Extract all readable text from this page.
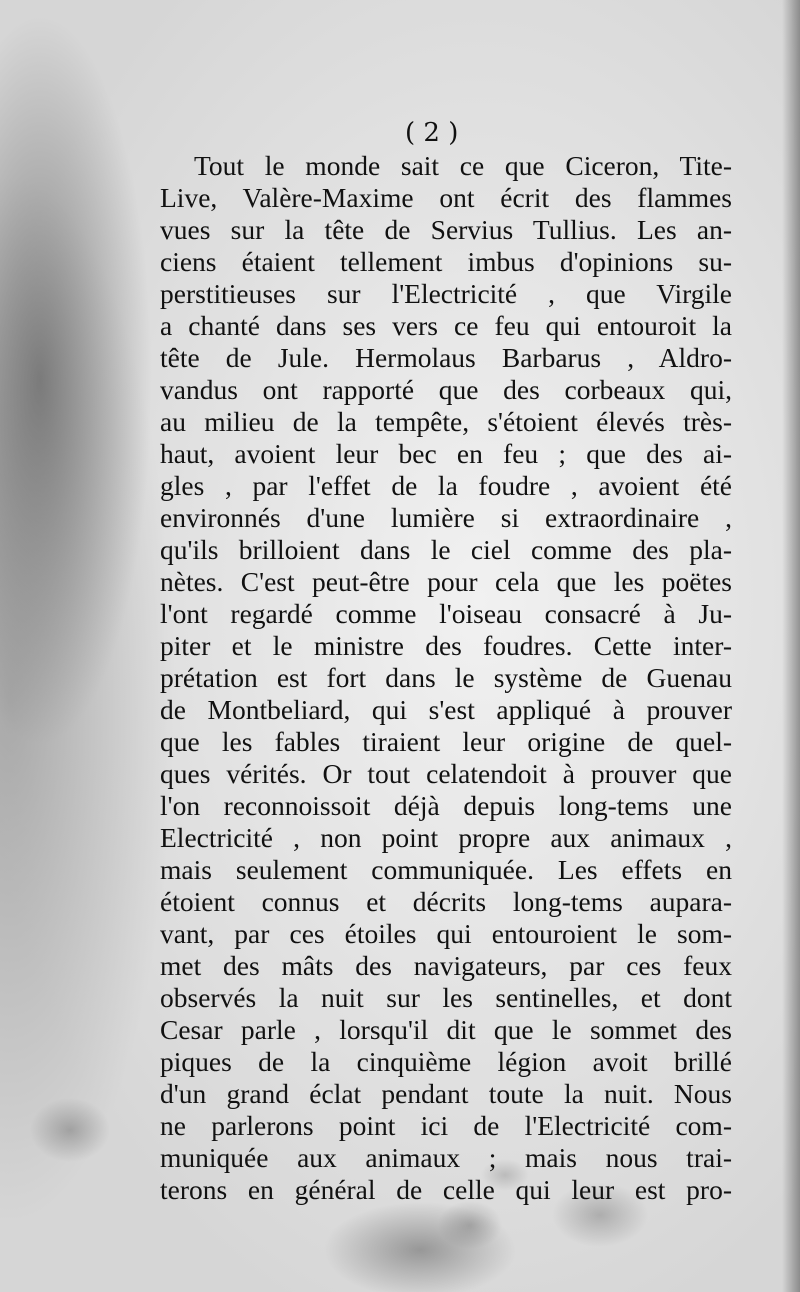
( 2 )

Tout le monde sait ce que Ciceron, Tite-
Live, Valère-Maxime ont écrit des flammes
vues sur la tête de Servius Tullius. Les an-
ciens étaient tellement imbus d'opinions su-
perstitieuses sur l'Electricité , que Virgile
a chanté dans ses vers ce feu qui entouroit la
tête de Jule. Hermolaus Barbarus , Aldro-
vandus ont rapporté que des corbeaux qui,
au milieu de la tempête, s'étoient élevés très-
haut, avoient leur bec en feu ; que des ai-
gles , par l'effet de la foudre , avoient été
environnés d'une lumière si extraordinaire ,
qu'ils brilloient dans le ciel comme des pla-
nètes. C'est peut-être pour cela que les poëtes
l'ont regardé comme l'oiseau consacré à Ju-
piter et le ministre des foudres. Cette inter-
prétation est fort dans le système de Guenau
de Montbeliard, qui s'est appliqué à prouver
que les fables tiraient leur origine de quel-
ques vérités. Or tout celatendoit à prouver que
l'on reconnoissoit déjà depuis long-tems une
Electricité , non point propre aux animaux ,
mais seulement communiquée. Les effets en
étoient connus et décrits long-tems aupara-
vant, par ces étoiles qui entouroient le som-
met des mâts des navigateurs, par ces feux
observés la nuit sur les sentinelles, et dont
Cesar parle , lorsqu'il dit que le sommet des
piques de la cinquième légion avoit brillé
d'un grand éclat pendant toute la nuit. Nous
ne parlerons point ici de l'Electricité com-
muniquée aux animaux ; mais nous trai-
terons en général de celle qui leur est pro-
